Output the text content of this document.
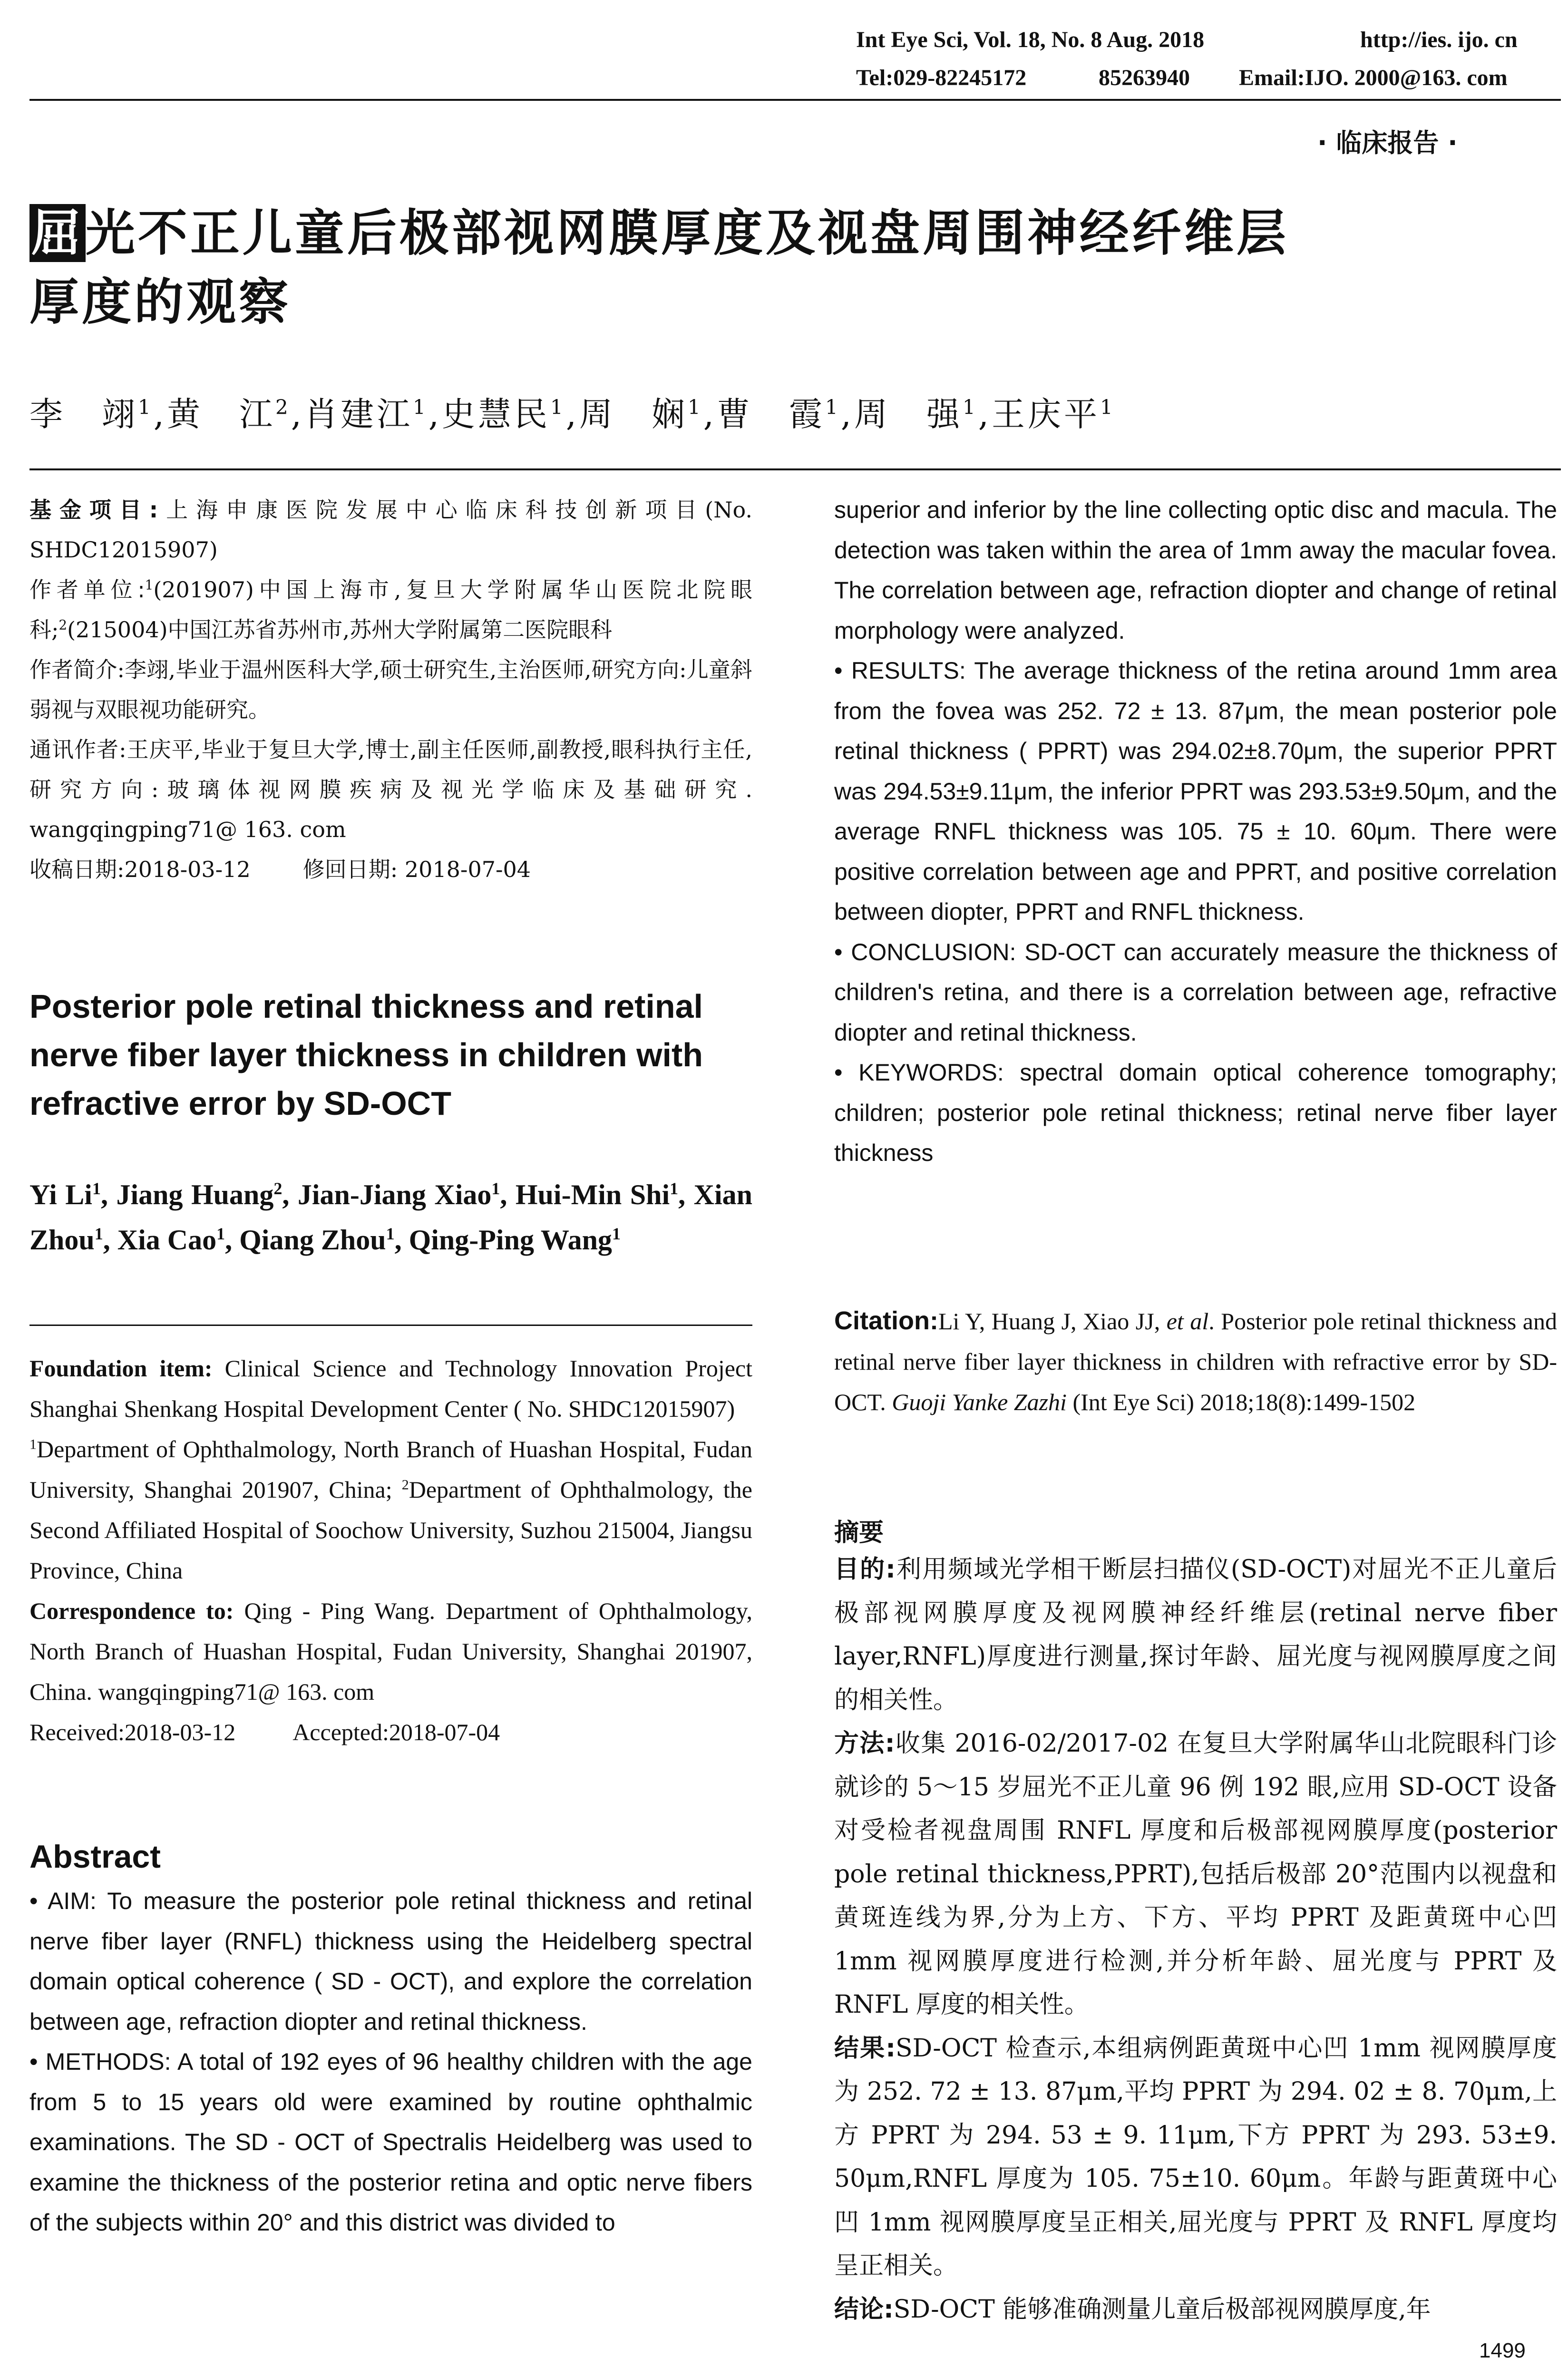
Int Eye Sci, Vol. 18, No. 8 Aug. 2018	http://ies. ijo. cn
Tel:029-82245172	85263940 Email:IJO. 2000@163. com
· 临床报告 ·
屈光不正儿童后极部视网膜厚度及视盘周围神经纤维层
厚度的观察
李　翊$^1$,黄　江$^2$,肖建江$^1$,史慧民$^1$,周　娴$^1$,曹　霞$^1$,周　强$^1$,王庆平$^1$
基金项目:上海申康医院发展中心临床科技创新项目(No. SHDC12015907)
作者单位:$^1$(201907)中国上海市,复旦大学附属华山医院北院眼科;$^2$(215004)中国江苏省苏州市,苏州大学附属第二医院眼科
作者简介:李翊,毕业于温州医科大学,硕士研究生,主治医师,研究方向:儿童斜弱视与双眼视功能研究。
通讯作者:王庆平,毕业于复旦大学,博士,副主任医师,副教授,眼科执行主任,研究方向:玻璃体视网膜疾病及视光学临床及基础研究. wangqingping71@ 163. com
收稿日期:2018-03-12 修回日期: 2018-07-04
Posterior pole retinal thickness and retinal nerve fiber layer thickness in children with refractive error by SD-OCT
Yi Li$^1$, Jiang Huang$^2$, Jian-Jiang Xiao$^1$, Hui-Min Shi$^1$, Xian Zhou$^1$, Xia Cao$^1$, Qiang Zhou$^1$, Qing-Ping Wang$^1$
Foundation item: Clinical Science and Technology Innovation Project Shanghai Shenkang Hospital Development Center ( No. SHDC12015907)
$^1$Department of Ophthalmology, North Branch of Huashan Hospital, Fudan University, Shanghai 201907, China; $^2$Department of Ophthalmology, the Second Affiliated Hospital of Soochow University, Suzhou 215004, Jiangsu Province, China
Correspondence to: Qing - Ping Wang. Department of Ophthalmology, North Branch of Huashan Hospital, Fudan University, Shanghai 201907, China. wangqingping71@ 163. com
Received:2018-03-12 Accepted:2018-07-04
Abstract
• AIM: To measure the posterior pole retinal thickness and retinal nerve fiber layer (RNFL) thickness using the Heidelberg spectral domain optical coherence ( SD - OCT), and explore the correlation between age, refraction diopter and retinal thickness.
• METHODS: A total of 192 eyes of 96 healthy children with the age from 5 to 15 years old were examined by routine ophthalmic examinations. The SD - OCT of Spectralis Heidelberg was used to examine the thickness of the posterior retina and optic nerve fibers of the subjects within 20° and this district was divided to
superior and inferior by the line collecting optic disc and macula. The detection was taken within the area of 1mm away the macular fovea. The correlation between age, refraction diopter and change of retinal morphology were analyzed.
• RESULTS: The average thickness of the retina around 1mm area from the fovea was 252. 72 ± 13. 87μm, the mean posterior pole retinal thickness ( PPRT) was 294.02±8.70μm, the superior PPRT was 294.53±9.11μm, the inferior PPRT was 293.53±9.50μm, and the average RNFL thickness was 105. 75 ± 10. 60μm. There were positive correlation between age and PPRT, and positive correlation between diopter, PPRT and RNFL thickness.
• CONCLUSION: SD-OCT can accurately measure the thickness of children's retina, and there is a correlation between age, refractive diopter and retinal thickness.
• KEYWORDS: spectral domain optical coherence tomography; children; posterior pole retinal thickness; retinal nerve fiber layer thickness
Citation:Li Y, Huang J, Xiao JJ, et al. Posterior pole retinal thickness and retinal nerve fiber layer thickness in children with refractive error by SD-OCT. Guoji Yanke Zazhi (Int Eye Sci) 2018;18(8):1499-1502
摘要
目的:利用频域光学相干断层扫描仪(SD-OCT)对屈光不正儿童后极部视网膜厚度及视网膜神经纤维层(retinal nerve fiber layer,RNFL)厚度进行测量,探讨年龄、屈光度与视网膜厚度之间的相关性。
方法:收集 2016-02/2017-02 在复旦大学附属华山北院眼科门诊就诊的 5～15 岁屈光不正儿童 96 例 192 眼,应用 SD-OCT 设备对受检者视盘周围 RNFL 厚度和后极部视网膜厚度(posterior pole retinal thickness,PPRT),包括后极部 20°范围内以视盘和黄斑连线为界,分为上方、下方、平均 PPRT 及距黄斑中心凹 1mm 视网膜厚度进行检测,并分析年龄、屈光度与 PPRT 及 RNFL 厚度的相关性。
结果:SD-OCT 检查示,本组病例距黄斑中心凹 1mm 视网膜厚度为 252. 72 ± 13. 87μm,平均 PPRT 为 294. 02 ± 8. 70μm,上方 PPRT 为 294. 53 ± 9. 11μm,下方 PPRT 为 293. 53±9. 50μm,RNFL 厚度为 105. 75±10. 60μm。年龄与距黄斑中心凹 1mm 视网膜厚度呈正相关,屈光度与 PPRT 及 RNFL 厚度均呈正相关。
结论:SD-OCT 能够准确测量儿童后极部视网膜厚度,年
1499
